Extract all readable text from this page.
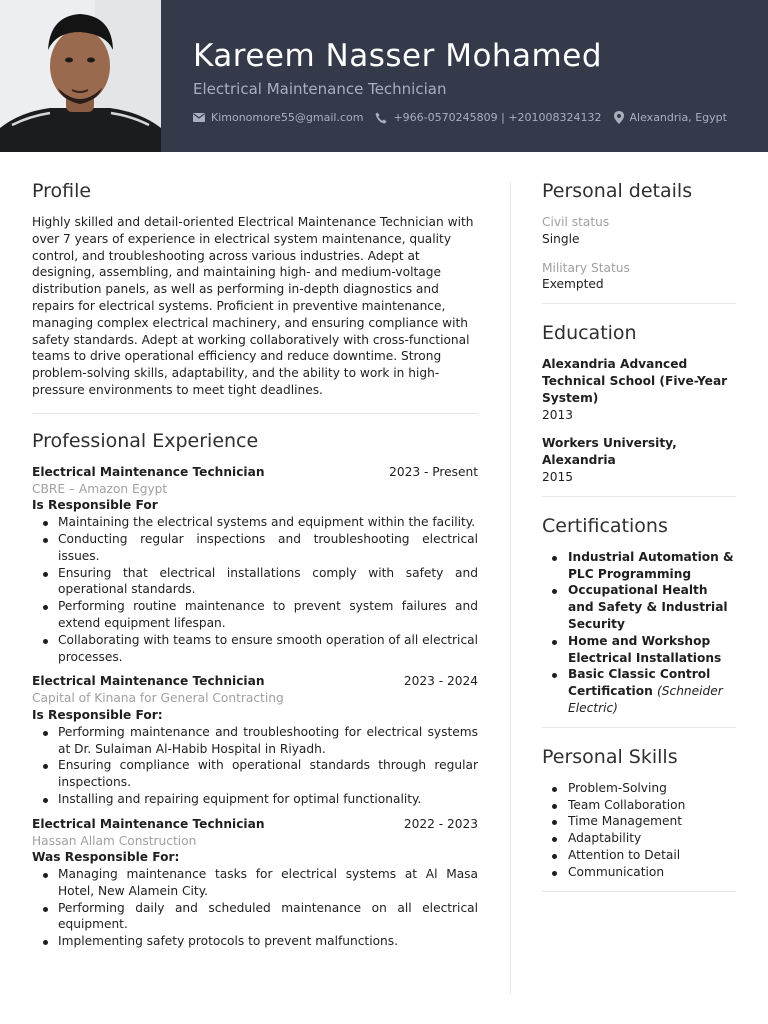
Kareem Nasser Mohamed
Electrical Maintenance Technician
Kimonomore55@gmail.com	+966-0570245809 | +201008324132	Alexandria, Egypt
Profile

Highly skilled and detail-oriented Electrical Maintenance Technician with over 7 years of experience in electrical system maintenance, quality control, and troubleshooting across various industries. Adept at designing, assembling, and maintaining high- and medium-voltage distribution panels, as well as performing in-depth diagnostics and repairs for electrical systems. Proficient in preventive maintenance, managing complex electrical machinery, and ensuring compliance with safety standards. Adept at working collaboratively with cross-functional teams to drive operational efficiency and reduce downtime. Strong problem-solving skills, adaptability, and the ability to work in high-pressure environments to meet tight deadlines.

Professional Experience
Electrical Maintenance Technician	2023 - Present
CBRE – Amazon Egypt
Is Responsible For
Maintaining the electrical systems and equipment within the facility.
Conducting regular inspections and troubleshooting electrical issues.
Ensuring that electrical installations comply with safety and operational standards.
Performing routine maintenance to prevent system failures and extend equipment lifespan.
Collaborating with teams to ensure smooth operation of all electrical processes.
Electrical Maintenance Technician	2023 - 2024
Capital of Kinana for General Contracting
Is Responsible For:
Performing maintenance and troubleshooting for electrical systems at Dr. Sulaiman Al-Habib Hospital in Riyadh.
Ensuring compliance with operational standards through regular inspections.
Installing and repairing equipment for optimal functionality.
Electrical Maintenance Technician	2022 - 2023
Hassan Allam Construction
Was Responsible For:
Managing maintenance tasks for electrical systems at Al Masa Hotel, New Alamein City.
Performing daily and scheduled maintenance on all electrical equipment.
Implementing safety protocols to prevent malfunctions.
Personal details
Civil status
Single
Military Status
Exempted
Education
Alexandria Advanced Technical School (Five-Year System)
2013
Workers University, Alexandria
2015
Certifications
Industrial Automation & PLC Programming
Occupational Health and Safety & Industrial Security
Home and Workshop Electrical Installations
Basic Classic Control Certification (Schneider Electric)
Personal Skills
Problem-Solving
Team Collaboration
Time Management
Adaptability
Attention to Detail
Communication
